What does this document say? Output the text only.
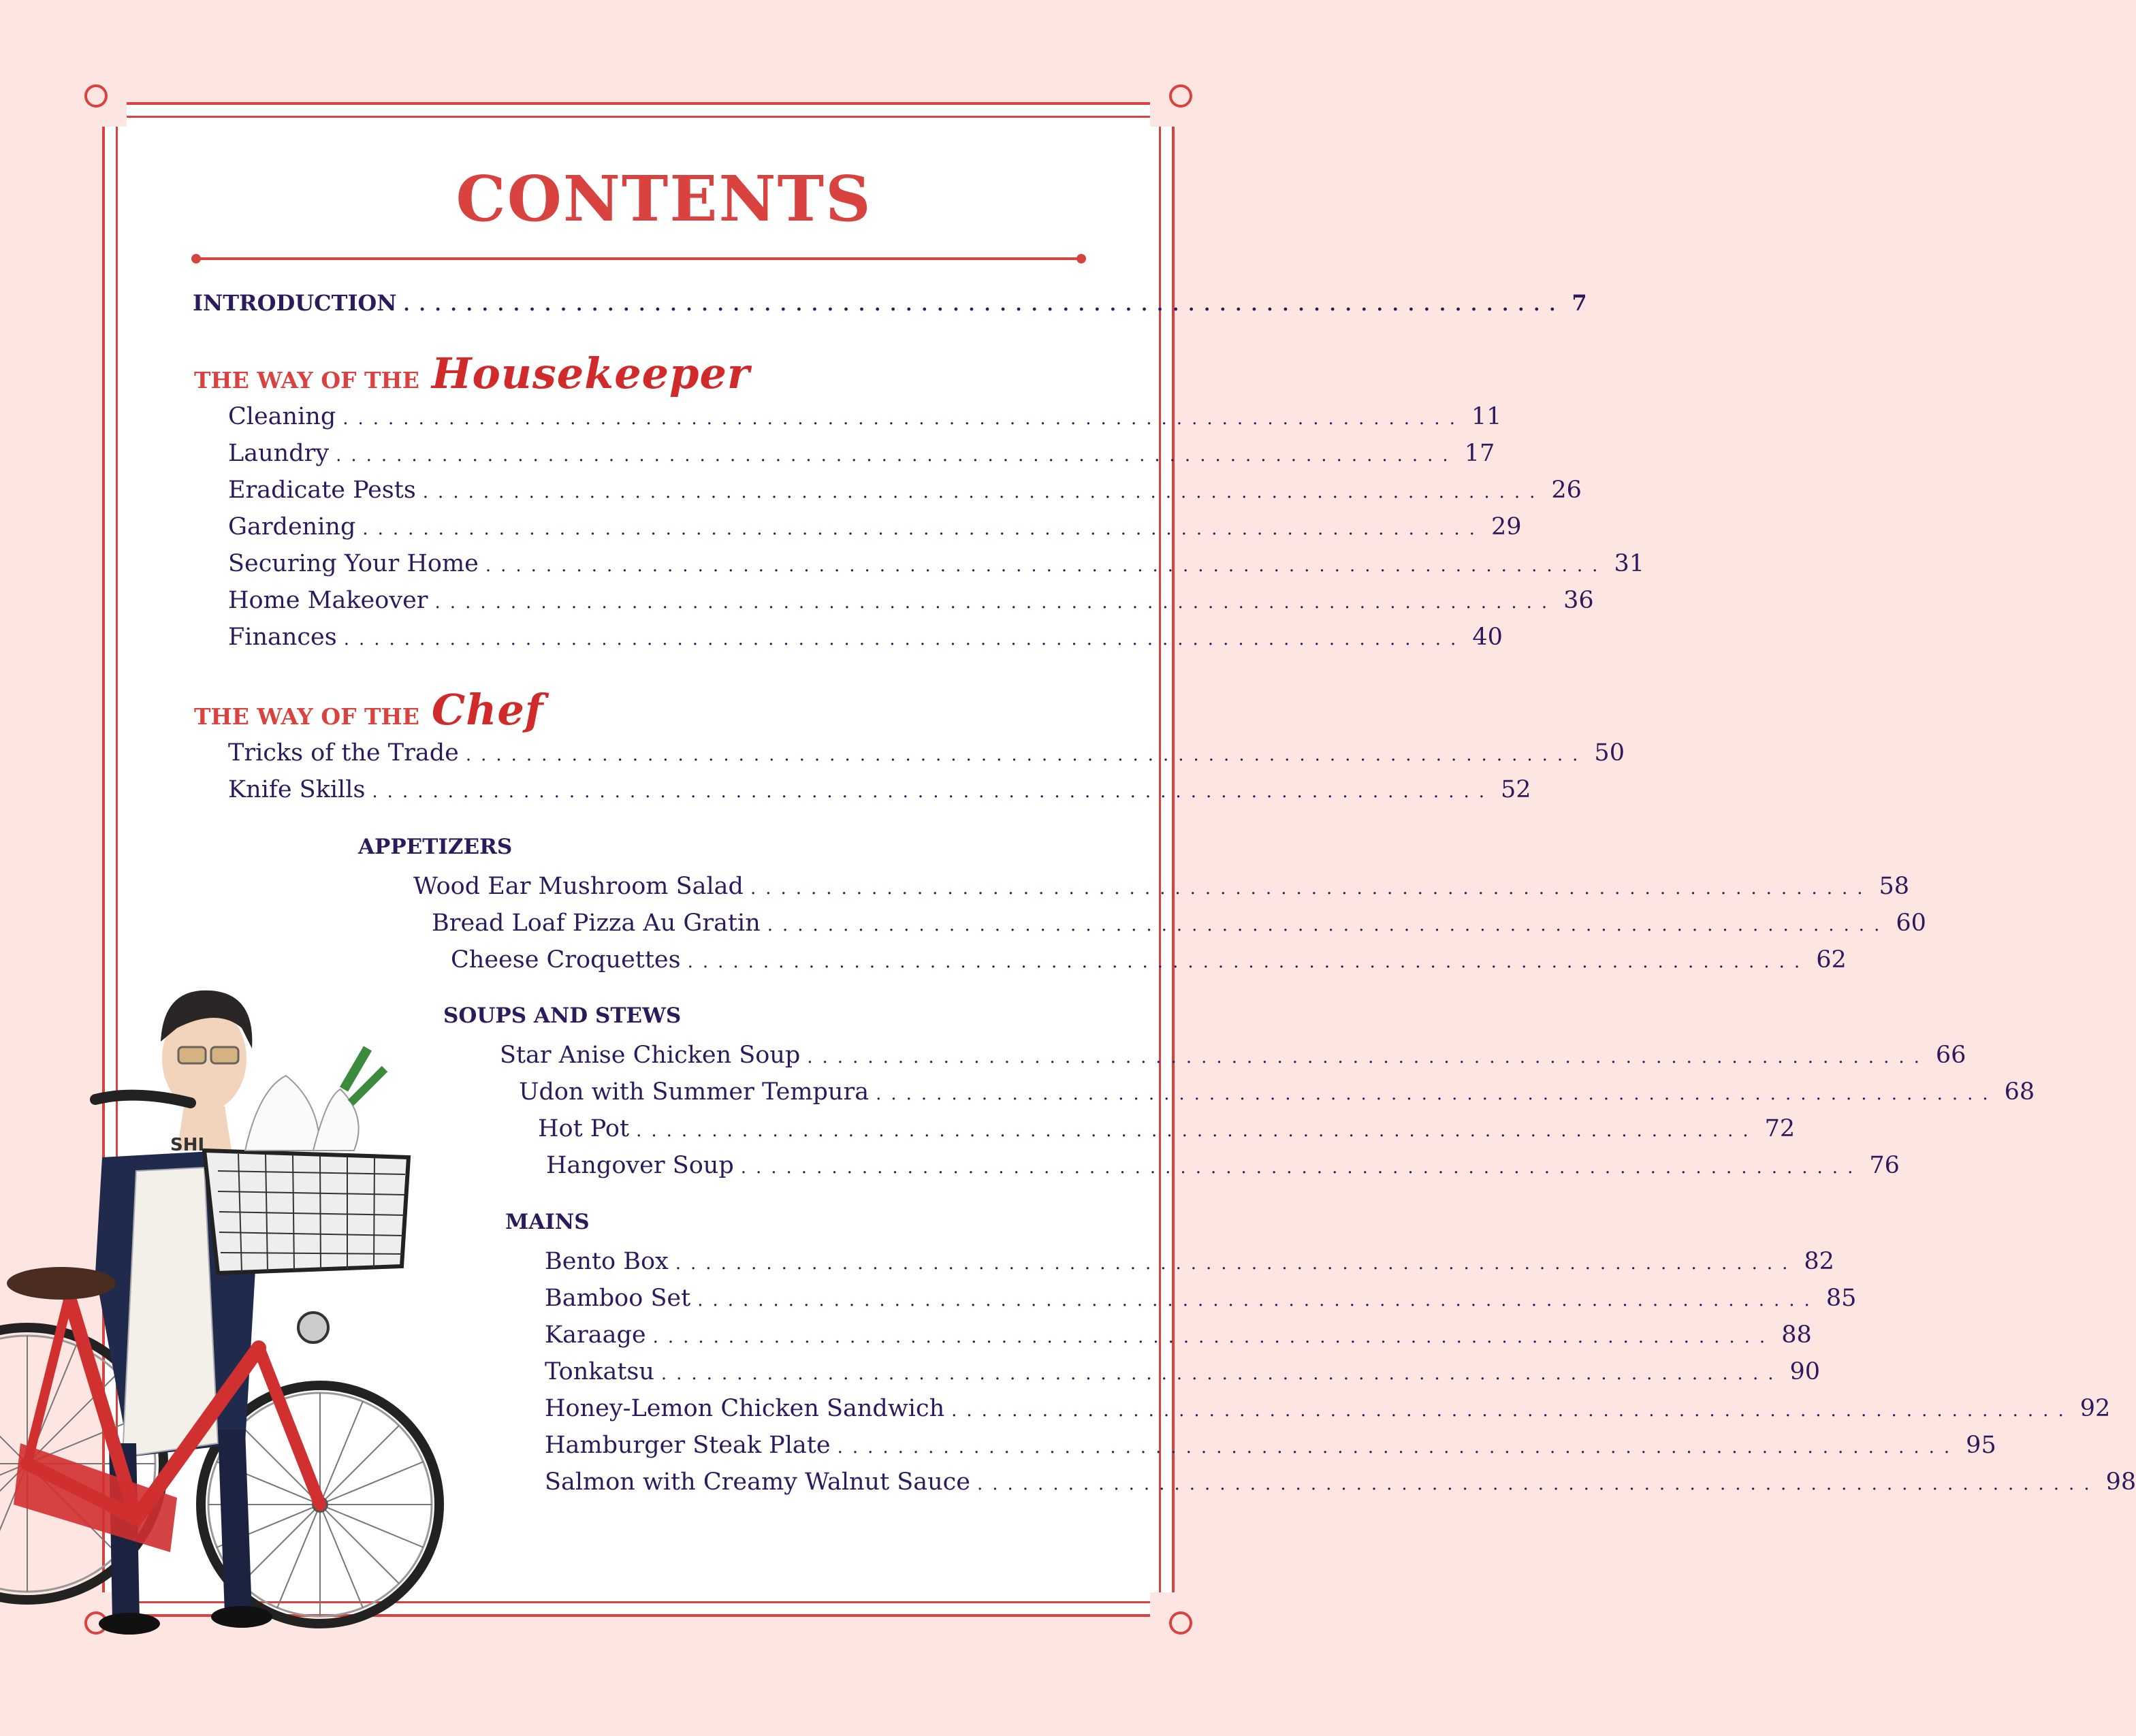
CONTENTS
INTRODUCTION .......................................................................... 7
THE WAY OF THE Housekeeper
Cleaning .......................................................................... 11
Laundry .......................................................................... 17
Eradicate Pests .......................................................................... 26
Gardening .......................................................................... 29
Securing Your Home .......................................................................... 31
Home Makeover .......................................................................... 36
Finances .......................................................................... 40
THE WAY OF THE Chef
Tricks of the Trade .......................................................................... 50
Knife Skills .......................................................................... 52
APPETIZERS
Wood Ear Mushroom Salad .......................................................................... 58
Bread Loaf Pizza Au Gratin .......................................................................... 60
Cheese Croquettes .......................................................................... 62
SOUPS AND STEWS
Star Anise Chicken Soup .......................................................................... 66
Udon with Summer Tempura .......................................................................... 68
Hot Pot .......................................................................... 72
Hangover Soup .......................................................................... 76
MAINS
Bento Box .......................................................................... 82
Bamboo Set .......................................................................... 85
Karaage .......................................................................... 88
Tonkatsu .......................................................................... 90
Honey-Lemon Chicken Sandwich .......................................................................... 92
Hamburger Steak Plate .......................................................................... 95
Salmon with Creamy Walnut Sauce .......................................................................... 98
SHI
